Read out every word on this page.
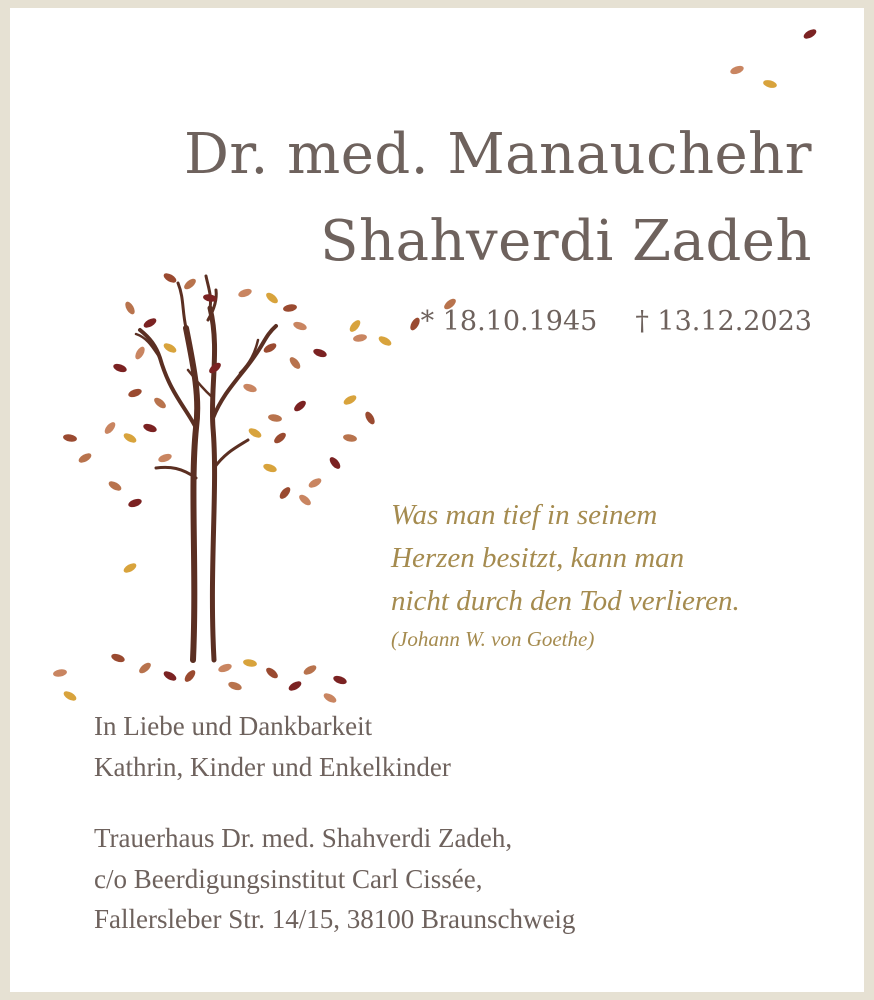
Dr. med. Manauchehr
Shahverdi Zadeh
* 18.10.1945 † 13.12.2023
Was man tief in seinem
Herzen besitzt, kann man
nicht durch den Tod verlieren.
(Johann W. von Goethe)
In Liebe und Dankbarkeit
Kathrin, Kinder und Enkelkinder
Trauerhaus Dr. med. Shahverdi Zadeh,
c/o Beerdigungsinstitut Carl Cissée,
Fallersleber Str. 14/15, 38100 Braunschweig
